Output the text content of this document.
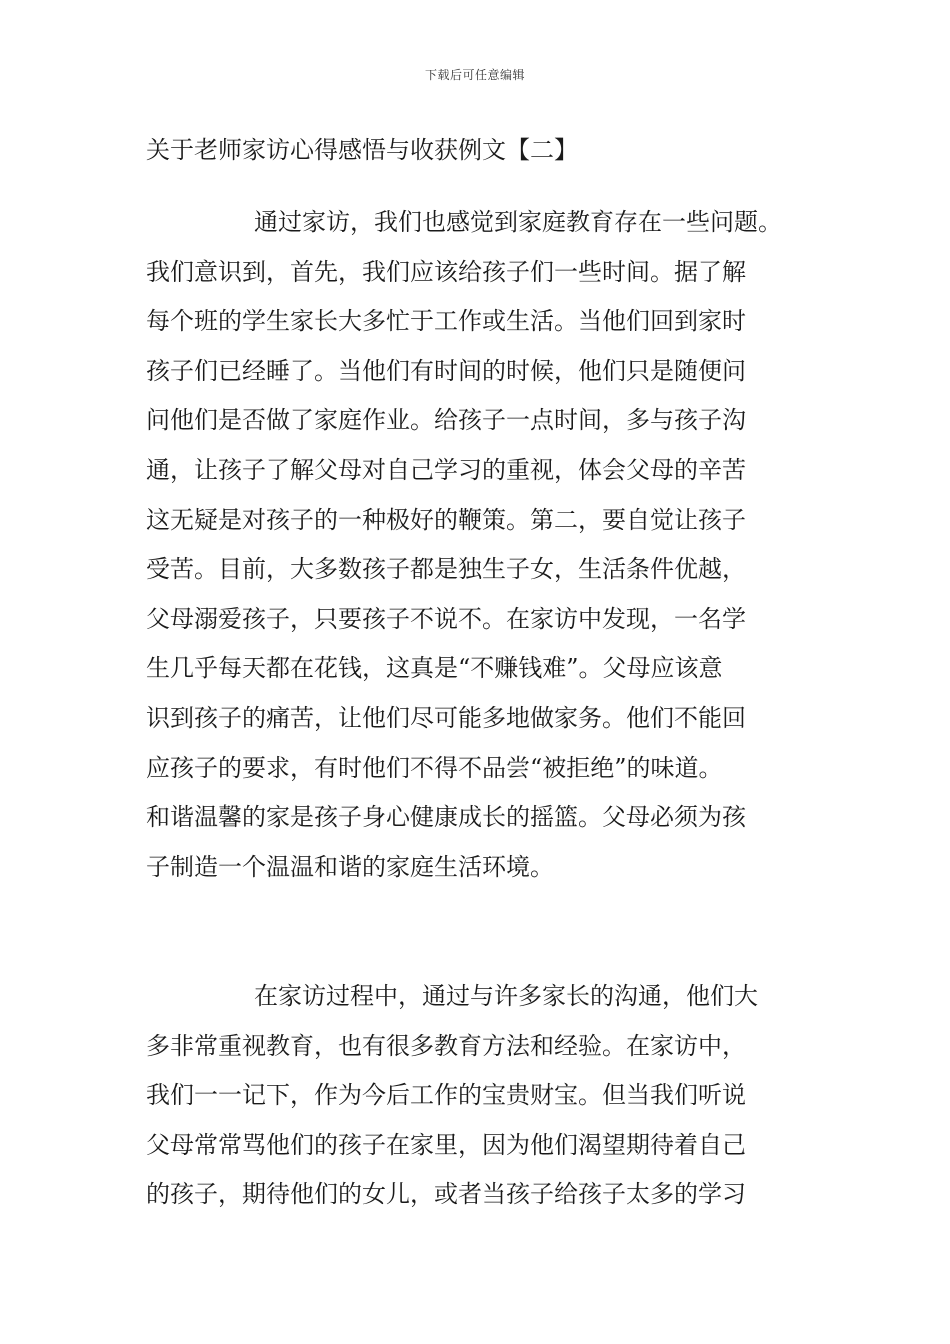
下载后可任意编辑
关于老师家访心得感悟与收获例文【二】
通过家访，我们也感觉到家庭教育存在一些问题。
我们意识到，首先，我们应该给孩子们一些时间。据了解
每个班的学生家长大多忙于工作或生活。当他们回到家时
孩子们已经睡了。当他们有时间的时候，他们只是随便问
问他们是否做了家庭作业。给孩子一点时间，多与孩子沟
通，让孩子了解父母对自己学习的重视，体会父母的辛苦
这无疑是对孩子的一种极好的鞭策。第二，要自觉让孩子
受苦。目前，大多数孩子都是独生子女，生活条件优越，
父母溺爱孩子，只要孩子不说不。在家访中发现，一名学
生几乎每天都在花钱，这真是“不赚钱难”。父母应该意
识到孩子的痛苦，让他们尽可能多地做家务。他们不能回
应孩子的要求，有时他们不得不品尝“被拒绝”的味道。
和谐温馨的家是孩子身心健康成长的摇篮。父母必须为孩
子制造一个温温和谐的家庭生活环境。
在家访过程中，通过与许多家长的沟通，他们大
多非常重视教育，也有很多教育方法和经验。在家访中，
我们一一记下，作为今后工作的宝贵财宝。但当我们听说
父母常常骂他们的孩子在家里，因为他们渴望期待着自己
的孩子，期待他们的女儿，或者当孩子给孩子太多的学习
